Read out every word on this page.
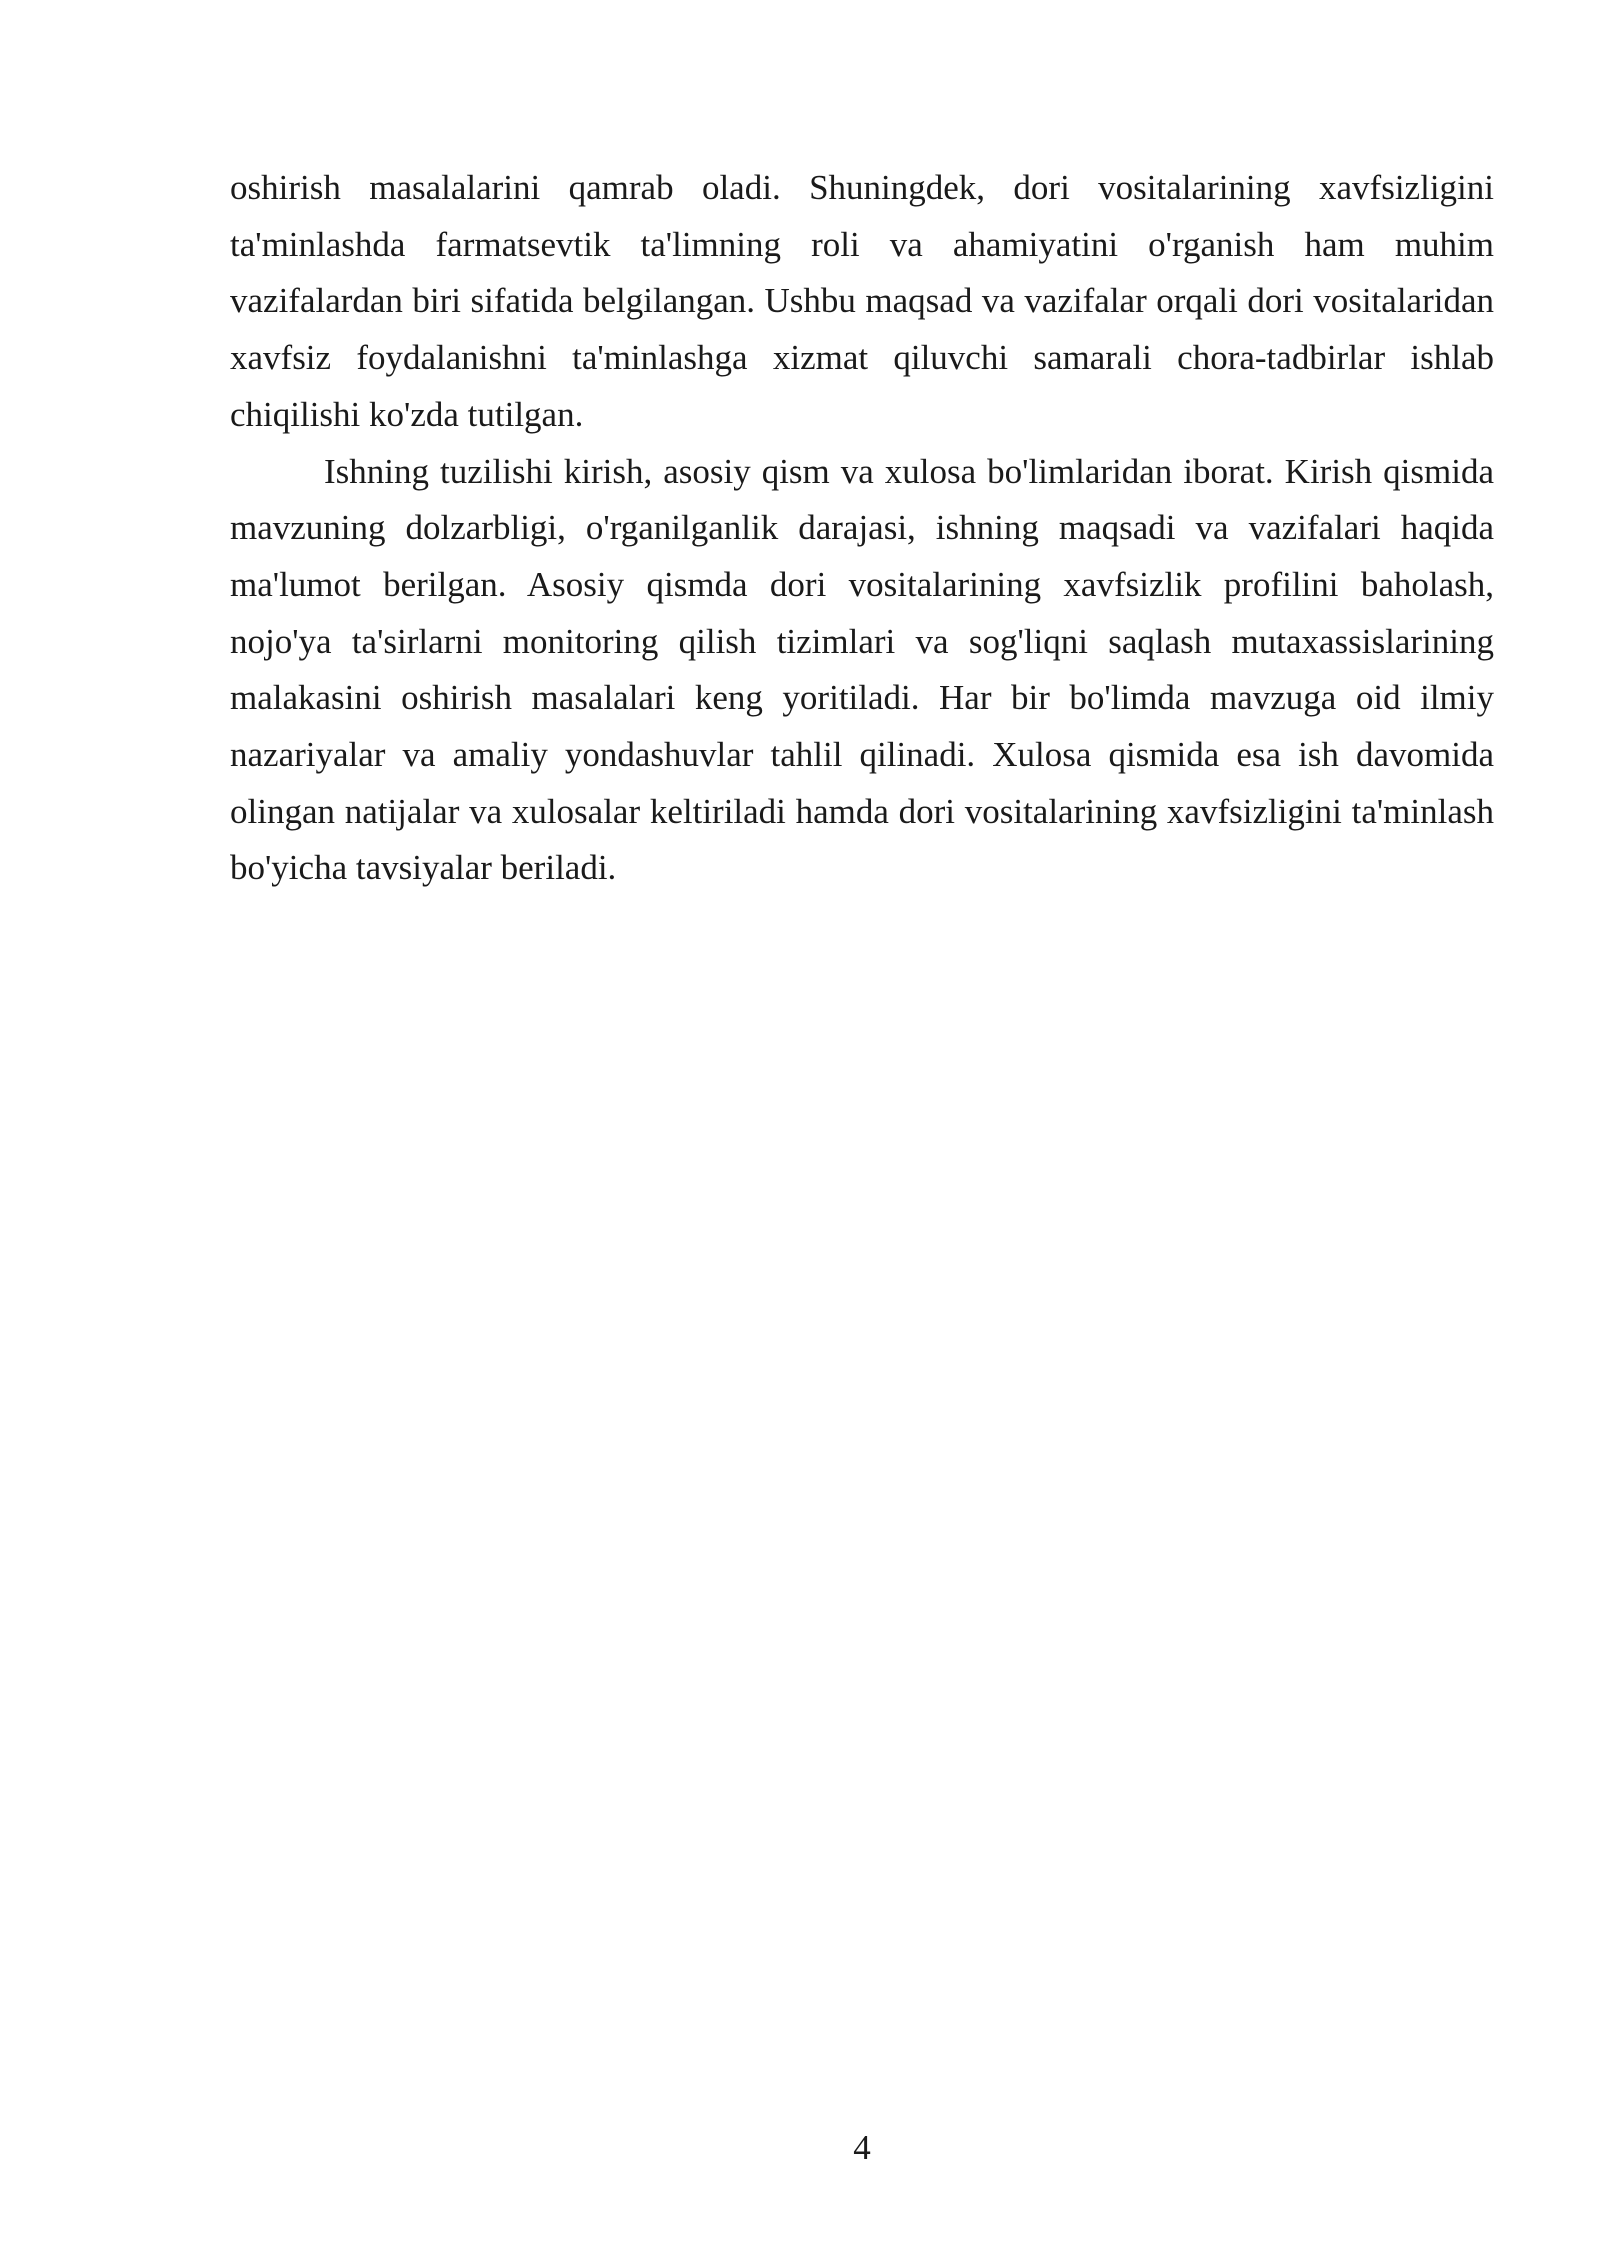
oshirish masalalarini qamrab oladi. Shuningdek, dori vositalarining xavfsizligini ta'minlashda farmatsevtik ta'limning roli va ahamiyatini o'rganish ham muhim vazifalardan biri sifatida belgilangan. Ushbu maqsad va vazifalar orqali dori vositalaridan xavfsiz foydalanishni ta'minlashga xizmat qiluvchi samarali chora-tadbirlar ishlab chiqilishi ko'zda tutilgan.

Ishning tuzilishi kirish, asosiy qism va xulosa bo'limlaridan iborat. Kirish qismida mavzuning dolzarbligi, o'rganilganlik darajasi, ishning maqsadi va vazifalari haqida ma'lumot berilgan. Asosiy qismda dori vositalarining xavfsizlik profilini baholash, nojo'ya ta'sirlarni monitoring qilish tizimlari va sog'liqni saqlash mutaxassislarining malakasini oshirish masalalari keng yoritiladi. Har bir bo'limda mavzuga oid ilmiy nazariyalar va amaliy yondashuvlar tahlil qilinadi. Xulosa qismida esa ish davomida olingan natijalar va xulosalar keltiriladi hamda dori vositalarining xavfsizligini ta'minlash bo'yicha tavsiyalar beriladi.

4
